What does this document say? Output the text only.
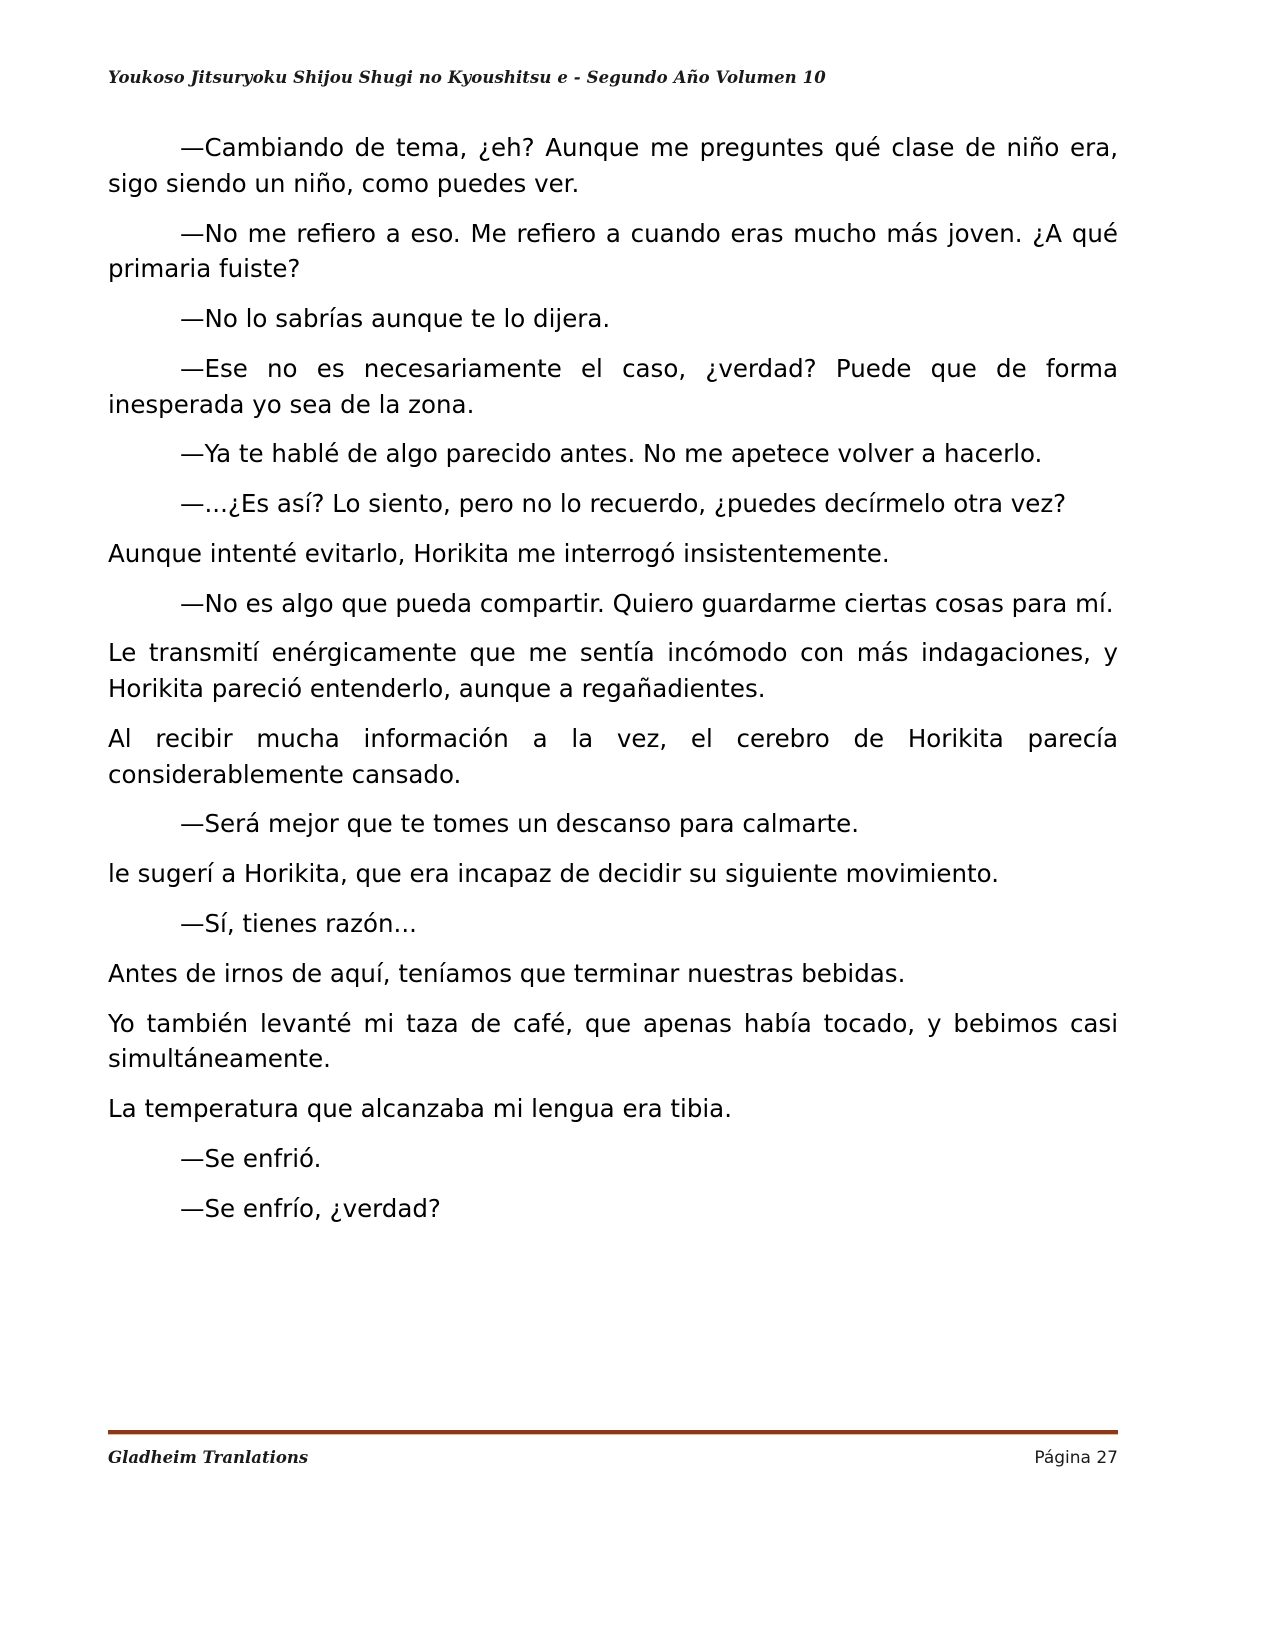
Youkoso Jitsuryoku Shijou Shugi no Kyoushitsu e - Segundo Año Volumen 10

—Cambiando de tema, ¿eh? Aunque me preguntes qué clase de niño era, sigo siendo un niño, como puedes ver.

—No me refiero a eso. Me refiero a cuando eras mucho más joven. ¿A qué primaria fuiste?

—No lo sabrías aunque te lo dijera.

—Ese no es necesariamente el caso, ¿verdad? Puede que de forma inesperada yo sea de la zona.

—Ya te hablé de algo parecido antes. No me apetece volver a hacerlo.

—...¿Es así? Lo siento, pero no lo recuerdo, ¿puedes decírmelo otra vez?

Aunque intenté evitarlo, Horikita me interrogó insistentemente.

—No es algo que pueda compartir. Quiero guardarme ciertas cosas para mí.

Le transmití enérgicamente que me sentía incómodo con más indagaciones, y Horikita pareció entenderlo, aunque a regañadientes.

Al recibir mucha información a la vez, el cerebro de Horikita parecía considerablemente cansado.

—Será mejor que te tomes un descanso para calmarte.

le sugerí a Horikita, que era incapaz de decidir su siguiente movimiento.

—Sí, tienes razón...

Antes de irnos de aquí, teníamos que terminar nuestras bebidas.

Yo también levanté mi taza de café, que apenas había tocado, y bebimos casi simultáneamente.

La temperatura que alcanzaba mi lengua era tibia.

—Se enfrió.

—Se enfrío, ¿verdad?

Gladheim Tranlations	Página 27
